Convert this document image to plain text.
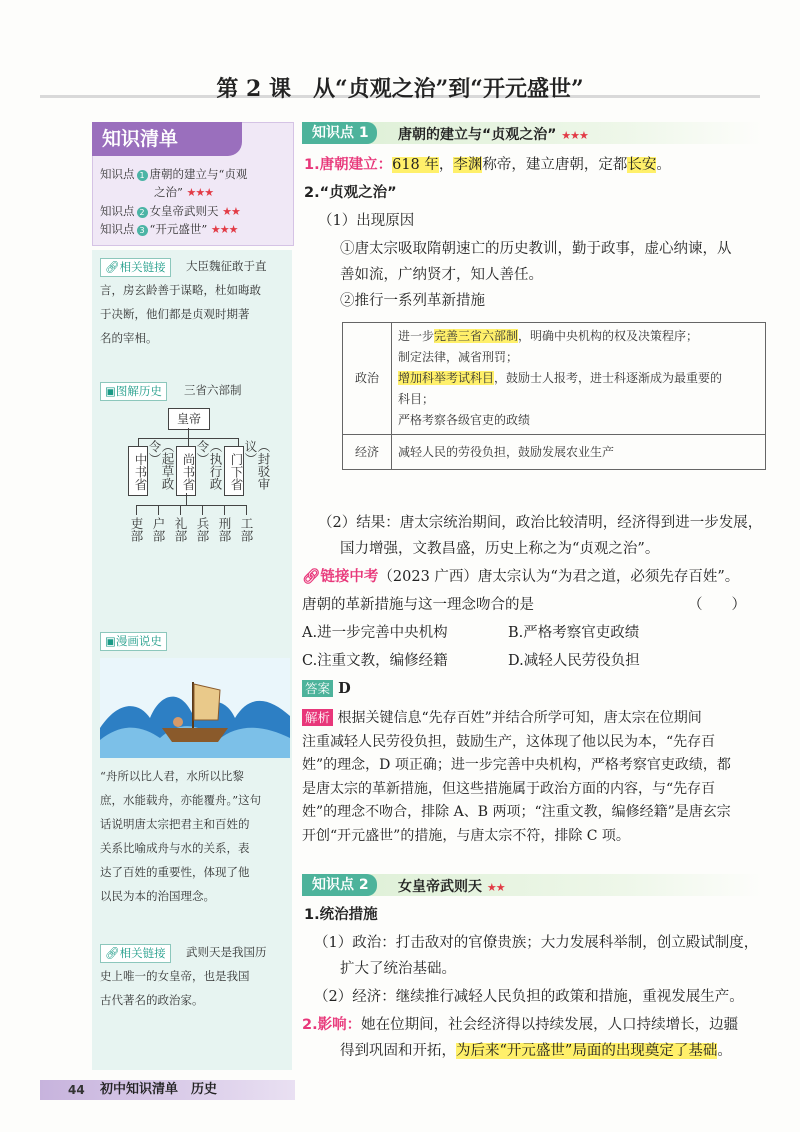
第 2 课　从“贞观之治”到“开元盛世”
知识清单
知识点 1 唐朝的建立与“贞观
之治” ★★★
知识点 2 女皇帝武则天 ★★
知识点 3 “开元盛世” ★★★
🔗︎相关链接	大臣魏征敢于直
言，房玄龄善于谋略，杜如晦敢
于决断，他们都是贞观时期著
名的宰相。
▣图解历史	三省六部制
皇帝
中书省 （起草政令）
尚书省 （执行政令）
门下省 （封驳审议）
吏部 户部 礼部 兵部 刑部 工部
▣漫画说史
“舟所以比人君，水所以比黎
庶，水能载舟，亦能覆舟。”这句
话说明唐太宗把君主和百姓的
关系比喻成舟与水的关系，表
达了百姓的重要性，体现了他
以民为本的治国理念。
🔗︎相关链接	武则天是我国历
史上唯一的女皇帝，也是我国
古代著名的政治家。
知识点 1	唐朝的建立与“贞观之治” ★★★
1.唐朝建立：618 年，李渊称帝，建立唐朝，定都长安。
2.“贞观之治”
（1）出现原因
①唐太宗吸取隋朝速亡的历史教训，勤于政事，虚心纳谏，从
善如流，广纳贤才，知人善任。
②推行一系列革新措施
政治	进一步完善三省六部制，明确中央机构的权及决策程序；
制定法律，减省刑罚；
增加科举考试科目，鼓励士人报考，进士科逐渐成为最重要的
科目；
严格考察各级官吏的政绩

经济	减轻人民的劳役负担，鼓励发展农业生产
（2）结果：唐太宗统治期间，政治比较清明，经济得到进一步发展，
国力增强，文教昌盛，历史上称之为“贞观之治”。
🔗︎链接中考（2023 广西）唐太宗认为“为君之道，必须先存百姓”。
唐朝的革新措施与这一理念吻合的是	（　　）
A.进一步完善中央机构	B.严格考察官吏政绩
C.注重文教，编修经籍	D.减轻人民劳役负担
答案 D

解析 根据关键信息“先存百姓”并结合所学可知，唐太宗在位期间

注重减轻人民劳役负担，鼓励生产，这体现了他以民为本，“先存百

姓”的理念，D 项正确；进一步完善中央机构，严格考察官吏政绩，都

是唐太宗的革新措施，但这些措施属于政治方面的内容，与“先存百

姓”的理念不吻合，排除 A、B 两项；“注重文教，编修经籍”是唐玄宗

开创“开元盛世”的措施，与唐太宗不符，排除 C 项。

知识点 2	女皇帝武则天 ★★
1.统治措施
（1）政治：打击敌对的官僚贵族；大力发展科举制，创立殿试制度，
扩大了统治基础。
（2）经济：继续推行减轻人民负担的政策和措施，重视发展生产。
2.影响：她在位期间，社会经济得以持续发展，人口持续增长，边疆
得到巩固和开拓，为后来“开元盛世”局面的出现奠定了基础。
44 初中知识清单　历史
